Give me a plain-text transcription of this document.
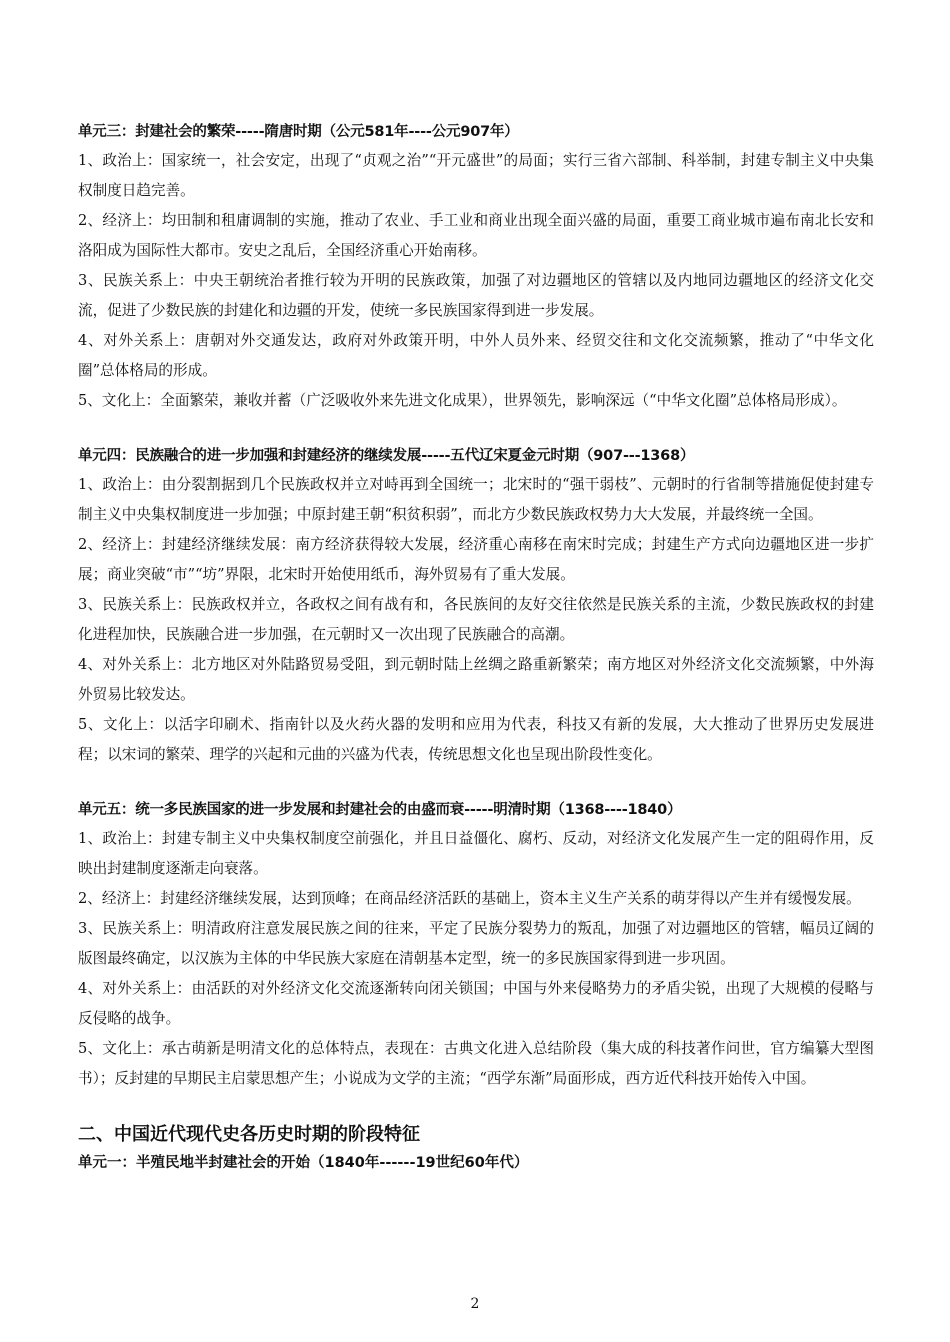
单元三：封建社会的繁荣-----隋唐时期（公元581年----公元907年）

1、政治上：国家统一，社会安定，出现了“贞观之治”“开元盛世”的局面；实行三省六部制、科举制，封建专制主义中央集权制度日趋完善。

2、经济上：均田制和租庸调制的实施，推动了农业、手工业和商业出现全面兴盛的局面，重要工商业城市遍布南北长安和洛阳成为国际性大都市。安史之乱后，全国经济重心开始南移。

3、民族关系上：中央王朝统治者推行较为开明的民族政策，加强了对边疆地区的管辖以及内地同边疆地区的经济文化交流，促进了少数民族的封建化和边疆的开发，使统一多民族国家得到进一步发展。

4、对外关系上：唐朝对外交通发达，政府对外政策开明，中外人员外来、经贸交往和文化交流频繁，推动了“中华文化圈”总体格局的形成。

5、文化上：全面繁荣，兼收并蓄（广泛吸收外来先进文化成果），世界领先，影响深远（“中华文化圈”总体格局形成）。

单元四：民族融合的进一步加强和封建经济的继续发展-----五代辽宋夏金元时期（907---1368）

1、政治上：由分裂割据到几个民族政权并立对峙再到全国统一；北宋时的“强干弱枝”、元朝时的行省制等措施促使封建专制主义中央集权制度进一步加强；中原封建王朝“积贫积弱”，而北方少数民族政权势力大大发展，并最终统一全国。

2、经济上：封建经济继续发展：南方经济获得较大发展，经济重心南移在南宋时完成；封建生产方式向边疆地区进一步扩展；商业突破“市”“坊”界限，北宋时开始使用纸币，海外贸易有了重大发展。

3、民族关系上：民族政权并立，各政权之间有战有和，各民族间的友好交往依然是民族关系的主流，少数民族政权的封建化进程加快，民族融合进一步加强，在元朝时又一次出现了民族融合的高潮。

4、对外关系上：北方地区对外陆路贸易受阻，到元朝时陆上丝绸之路重新繁荣；南方地区对外经济文化交流频繁，中外海外贸易比较发达。

5、文化上：以活字印刷术、指南针以及火药火器的发明和应用为代表，科技又有新的发展，大大推动了世界历史发展进程；以宋词的繁荣、理学的兴起和元曲的兴盛为代表，传统思想文化也呈现出阶段性变化。

单元五：统一多民族国家的进一步发展和封建社会的由盛而衰-----明清时期（1368----1840）

1、政治上：封建专制主义中央集权制度空前强化，并且日益僵化、腐朽、反动，对经济文化发展产生一定的阻碍作用，反映出封建制度逐渐走向衰落。

2、经济上：封建经济继续发展，达到顶峰；在商品经济活跃的基础上，资本主义生产关系的萌芽得以产生并有缓慢发展。

3、民族关系上：明清政府注意发展民族之间的往来，平定了民族分裂势力的叛乱，加强了对边疆地区的管辖，幅员辽阔的版图最终确定，以汉族为主体的中华民族大家庭在清朝基本定型，统一的多民族国家得到进一步巩固。

4、对外关系上：由活跃的对外经济文化交流逐渐转向闭关锁国；中国与外来侵略势力的矛盾尖锐，出现了大规模的侵略与反侵略的战争。

5、文化上：承古萌新是明清文化的总体特点，表现在：古典文化进入总结阶段（集大成的科技著作问世，官方编纂大型图书）；反封建的早期民主启蒙思想产生；小说成为文学的主流；“西学东渐”局面形成，西方近代科技开始传入中国。

二、中国近代现代史各历史时期的阶段特征
单元一：半殖民地半封建社会的开始（1840年------19世纪60年代）
2
